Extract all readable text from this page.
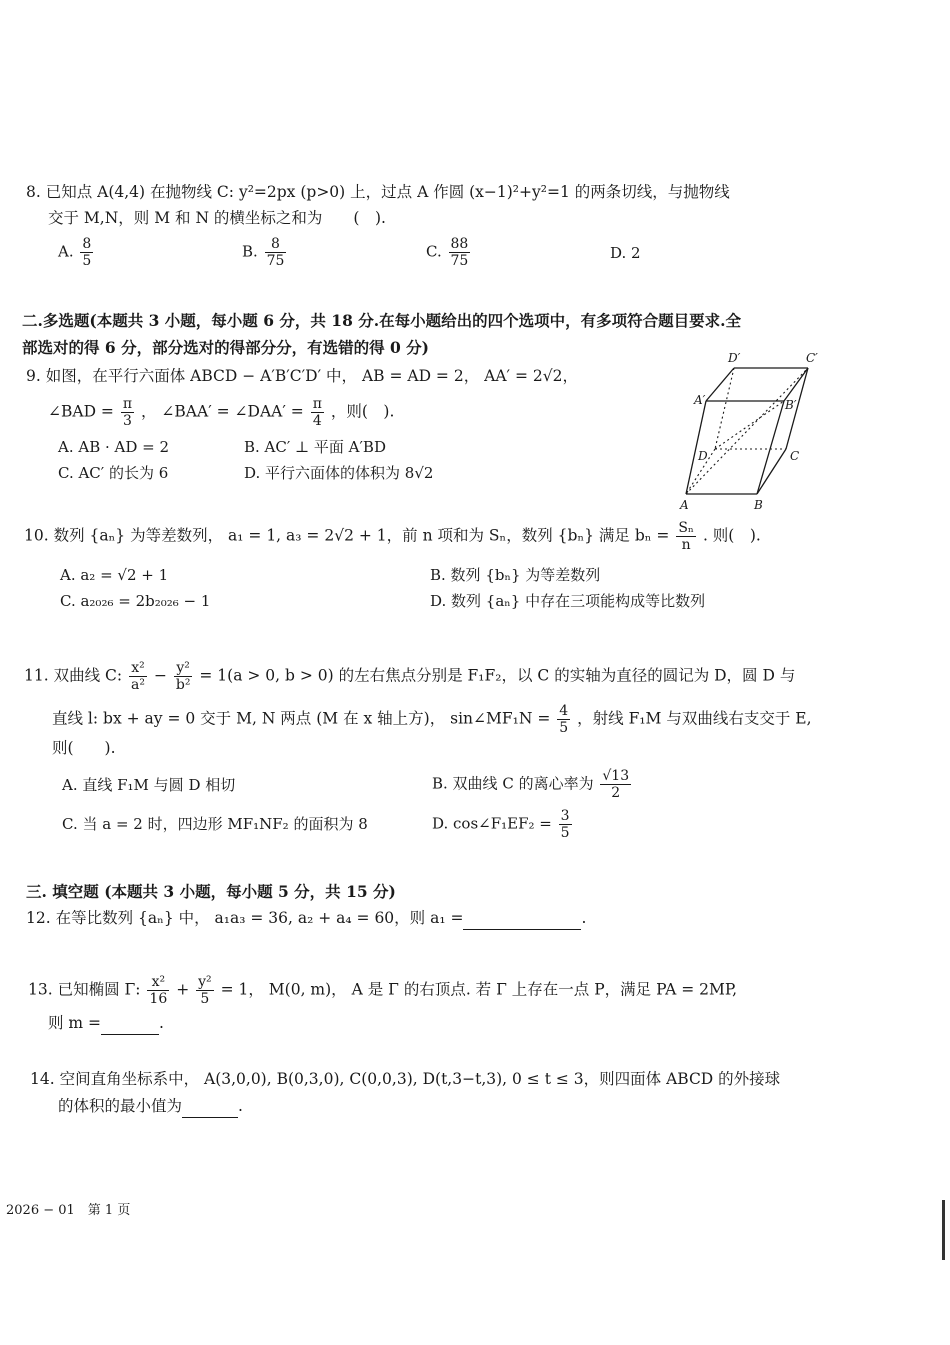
8. 已知点 A(4,4) 在抛物线 C: y²=2px (p>0) 上，过点 A 作圆 (x−1)²+y²=1 的两条切线，与抛物线
交于 M,N，则 M 和 N 的横坐标之和为　　(　).
A. $\frac{8}{5}$	B. $\frac{8}{75}$	C. $\frac{88}{75}$	D. 2
二.多选题(本题共 3 小题，每小题 6 分，共 18 分.在每小题给出的四个选项中，有多项符合题目要求.全
部选对的得 6 分，部分选对的得部分分，有选错的得 0 分)
9. 如图，在平行六面体 ABCD − A′B′C′D′ 中， AB = AD = 2， AA′ = 2√2，
∠BAD = $\frac{\pi}{3}$ ， ∠BAA′ = ∠DAA′ = $\frac{\pi}{4}$ ，则(　).
A. AB · AD = 2	B. AC′ ⊥ 平面 A′BD
C. AC′ 的长为 6	D. 平行六面体的体积为 8√2
D′	C′
A′	B′
D	C
A	B
10. 数列 {aₙ} 为等差数列， a₁ = 1, a₃ = 2√2 + 1，前 n 项和为 Sₙ，数列 {bₙ} 满足 $b_n = \frac{\text{Sₙ}}{n}$ . 则(　).
A. a₂ = √2 + 1	B. 数列 {bₙ} 为等差数列
C. a₂₀₂₆ = 2b₂₀₂₆ − 1	D. 数列 {aₙ} 中存在三项能构成等比数列
11. 双曲线 C: $\frac{\text{x²}}{\text{a²}} - \frac{\text{y²}}{\text{b²}} = 1(a > 0$, b > 0) 的左右焦点分别是 F₁F₂，以 C 的实轴为直径的圆记为 D，圆 D 与
直线 l: bx + ay = 0 交于 M, N 两点 (M 在 x 轴上方)， sin∠MF₁N = $\frac{4}{5}$ ，射线 F₁M 与双曲线右支交于 E,
则(　　).
A. 直线 F₁M 与圆 D 相切	B. 双曲线 C 的离心率为 $\frac{√13}{2}$
C. 当 a = 2 时，四边形 MF₁NF₂ 的面积为 8	D. cos∠F₁EF₂ = $\frac{3}{5}$
三. 填空题 (本题共 3 小题，每小题 5 分，共 15 分)
12. 在等比数列 {aₙ} 中， a₁a₃ = 36, a₂ + a₄ = 60，则 a₁ =	.
13. 已知椭圆 Γ: $\frac{\text{x²}}{16} + \frac{\text{y²}}{5} = 1$， M(0, m)， A 是 Γ 的右顶点. 若 Γ 上存在一点 P，满足 PA = 2MP,
则 m =	.
14. 空间直角坐标系中， A(3,0,0), B(0,3,0), C(0,0,3), D(t,3−t,3), 0 ≤ t ≤ 3，则四面体 ABCD 的外接球
的体积的最小值为	.
2026 − 01　第 1 页
